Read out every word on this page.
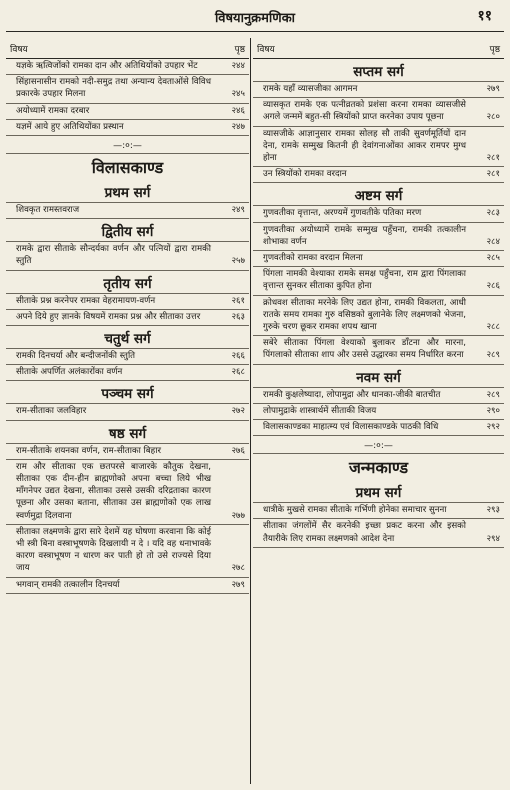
विषयानुक्रमणिका	११
विषय	पृष्ठ
यज्ञके ऋत्विजोंको रामका दान और अतिथियोंको उपहार भेंट	२४४
सिंहासनासीन रामको नदी-समुद्र तथा अन्यान्य देवताओंसे विविध प्रकारके उपहार मिलना	२४५
अयोध्यामें रामका दरबार	२४६
यज्ञमें आये हुए अतिथियोंका प्रस्थान	२४७
—:०:—
विलासकाण्ड
प्रथम सर्ग
शिवकृत रामस्तवराज	२४९
द्वितीय सर्ग
रामके द्वारा सीताके सौन्दर्यका वर्णन और पत्नियों द्वारा रामकी स्तुति	२५७
तृतीय सर्ग
सीताके प्रश्न करनेपर रामका वेहरामायण-वर्णन	२६१
अपने दिये हुए ज्ञानके विषयमें रामका प्रश्न और सीताका उत्तर	२६३
चतुर्थ सर्ग
रामकी दिनचर्या और बन्दीजनोंकी स्तुति	२६६
सीताके अपर्णित अलंकारोंका वर्णन	२६८
पञ्चम सर्ग
राम-सीताका जलविहार	२७२
षष्ठ सर्ग
राम-सीताके शयनका वर्णन, राम-सीताका बिहार	२७६
राम और सीताका एक छतपरसे बाजारके कौतुक देखना, सीताका एक दीन-हीन ब्राह्मणोको अपना बच्चा लिये भीख माँगनेपर उद्यत देखना, सीताका उससे उसकी दरिद्रताका कारण पूछना और उसका बताना, सीताका उस ब्राह्मणोको एक लाख स्वर्णमुद्रा दिलवाना	२७७
सीताका लक्ष्मणके द्वारा सारे देशमें यह घोषणा करवाना कि कोई भी स्त्री बिना वस्त्राभूषणके दिखलायी न दे । यदि वह धनाभावके कारण वस्त्राभूषण न धारण कर पाती हो तो उसे राज्यसे दिया जाय	२७८
भगवान् रामकी तत्कालीन दिनचर्या	२७९
विषय	पृष्ठ
सप्तम सर्ग
रामके यहाँ व्यासजीका आगमन	२७९
व्यासकृत रामके एक पत्नीव्रतको प्रशंसा करना रामका व्यासजीसे अगले जन्ममें बहुत-सी स्त्रियोंको प्राप्त करनेका उपाय पूछना	२८०
व्यासजीके आज्ञानुसार रामका सोलह सौ ताकी सुवर्णमूर्तियों दान देना, रामके सम्मुख कितनी ही देवांगनाओंका आकर रामपर मुग्ध होना	२८१
उन स्त्रियोंको रामका वरदान	२८१
अष्टम सर्ग
गुणवतीका वृत्तान्त, अरण्यमें गुणवतीके पतिका मरण	२८३
गुणवतीका अयोध्यामें रामके सम्मुख पहुँचना, रामकी तत्कालीन शोभाका वर्णन	२८४
गुणवतीको रामका वरदान मिलना	२८५
पिंगला नामकी वेश्याका रामके समक्ष पहुँचना, राम द्वारा पिंगलाका वृत्तान्त सुनकर सीताका कुपित होना	२८६
क्रोधवश सीताका मरनेके लिए उद्यत होना, रामकी विकलता, आधी रातके समय रामका गुरु वसिष्ठको बुलानेके लिए लक्ष्मणको भेजना, गुरुके चरण छूकर रामका शपथ खाना	२८८
सबेरे सीताका पिंगला वेश्याको बुलाकर डाँटना और मारना, पिंगलाको सीताका शाप और उससे उद्धारका समय निर्धारित करना	२८९
नवम सर्ग
रामकी कुक्षलेष्यादा, लोपामुद्रा और धानका-जीकी बातचीत	२८९
लोपामुद्राके शास्त्रार्थमें सीताकी विजय	२९०
विलासकाण्डका माहात्म्य एवं विलासकाण्डके पाठकी विधि	२९२
—:०:—
जन्मकाण्ड
प्रथम सर्ग
धात्रीके मुखसे रामका सीताके गर्भिणी होनेका समाचार सुनना	२९३
सीताका जंगलोंमें सैर करनेकी इच्छा प्रकट करना और इसको तैयारीके लिए रामका लक्ष्मणको आदेश देना	२९४
